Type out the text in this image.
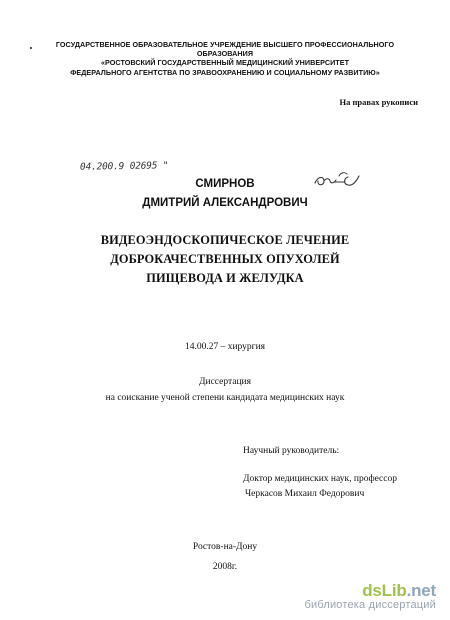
ГОСУДАРСТВЕННОЕ ОБРАЗОВАТЕЛЬНОЕ УЧРЕЖДЕНИЕ ВЫСШЕГО ПРОФЕССИОНАЛЬНОГО
ОБРАЗОВАНИЯ
«РОСТОВСКИЙ ГОСУДАРСТВЕННЫЙ МЕДИЦИНСКИЙ УНИВЕРСИТЕТ
ФЕДЕРАЛЬНОГО АГЕНТСТВА ПО ЗРАВООХРАНЕНИЮ И СОЦИАЛЬНОМУ РАЗВИТИЮ»
На правах рукописи
04.200.9 02695 "
СМИРНОВ
ДМИТРИЙ АЛЕКСАНДРОВИЧ
ВИДЕОЭНДОСКОПИЧЕСКОЕ ЛЕЧЕНИЕ
ДОБРОКАЧЕСТВЕННЫХ ОПУХОЛЕЙ
ПИЩЕВОДА И ЖЕЛУДКА
14.00.27 – хирургия
Диссертация
на соискание ученой степени кандидата медицинских наук
Научный руководитель:
Доктор медицинских наук, профессор
Черкасов Михаил Федорович
Ростов-на-Дону
2008г.
dsLib.net
библиотека диссертаций
